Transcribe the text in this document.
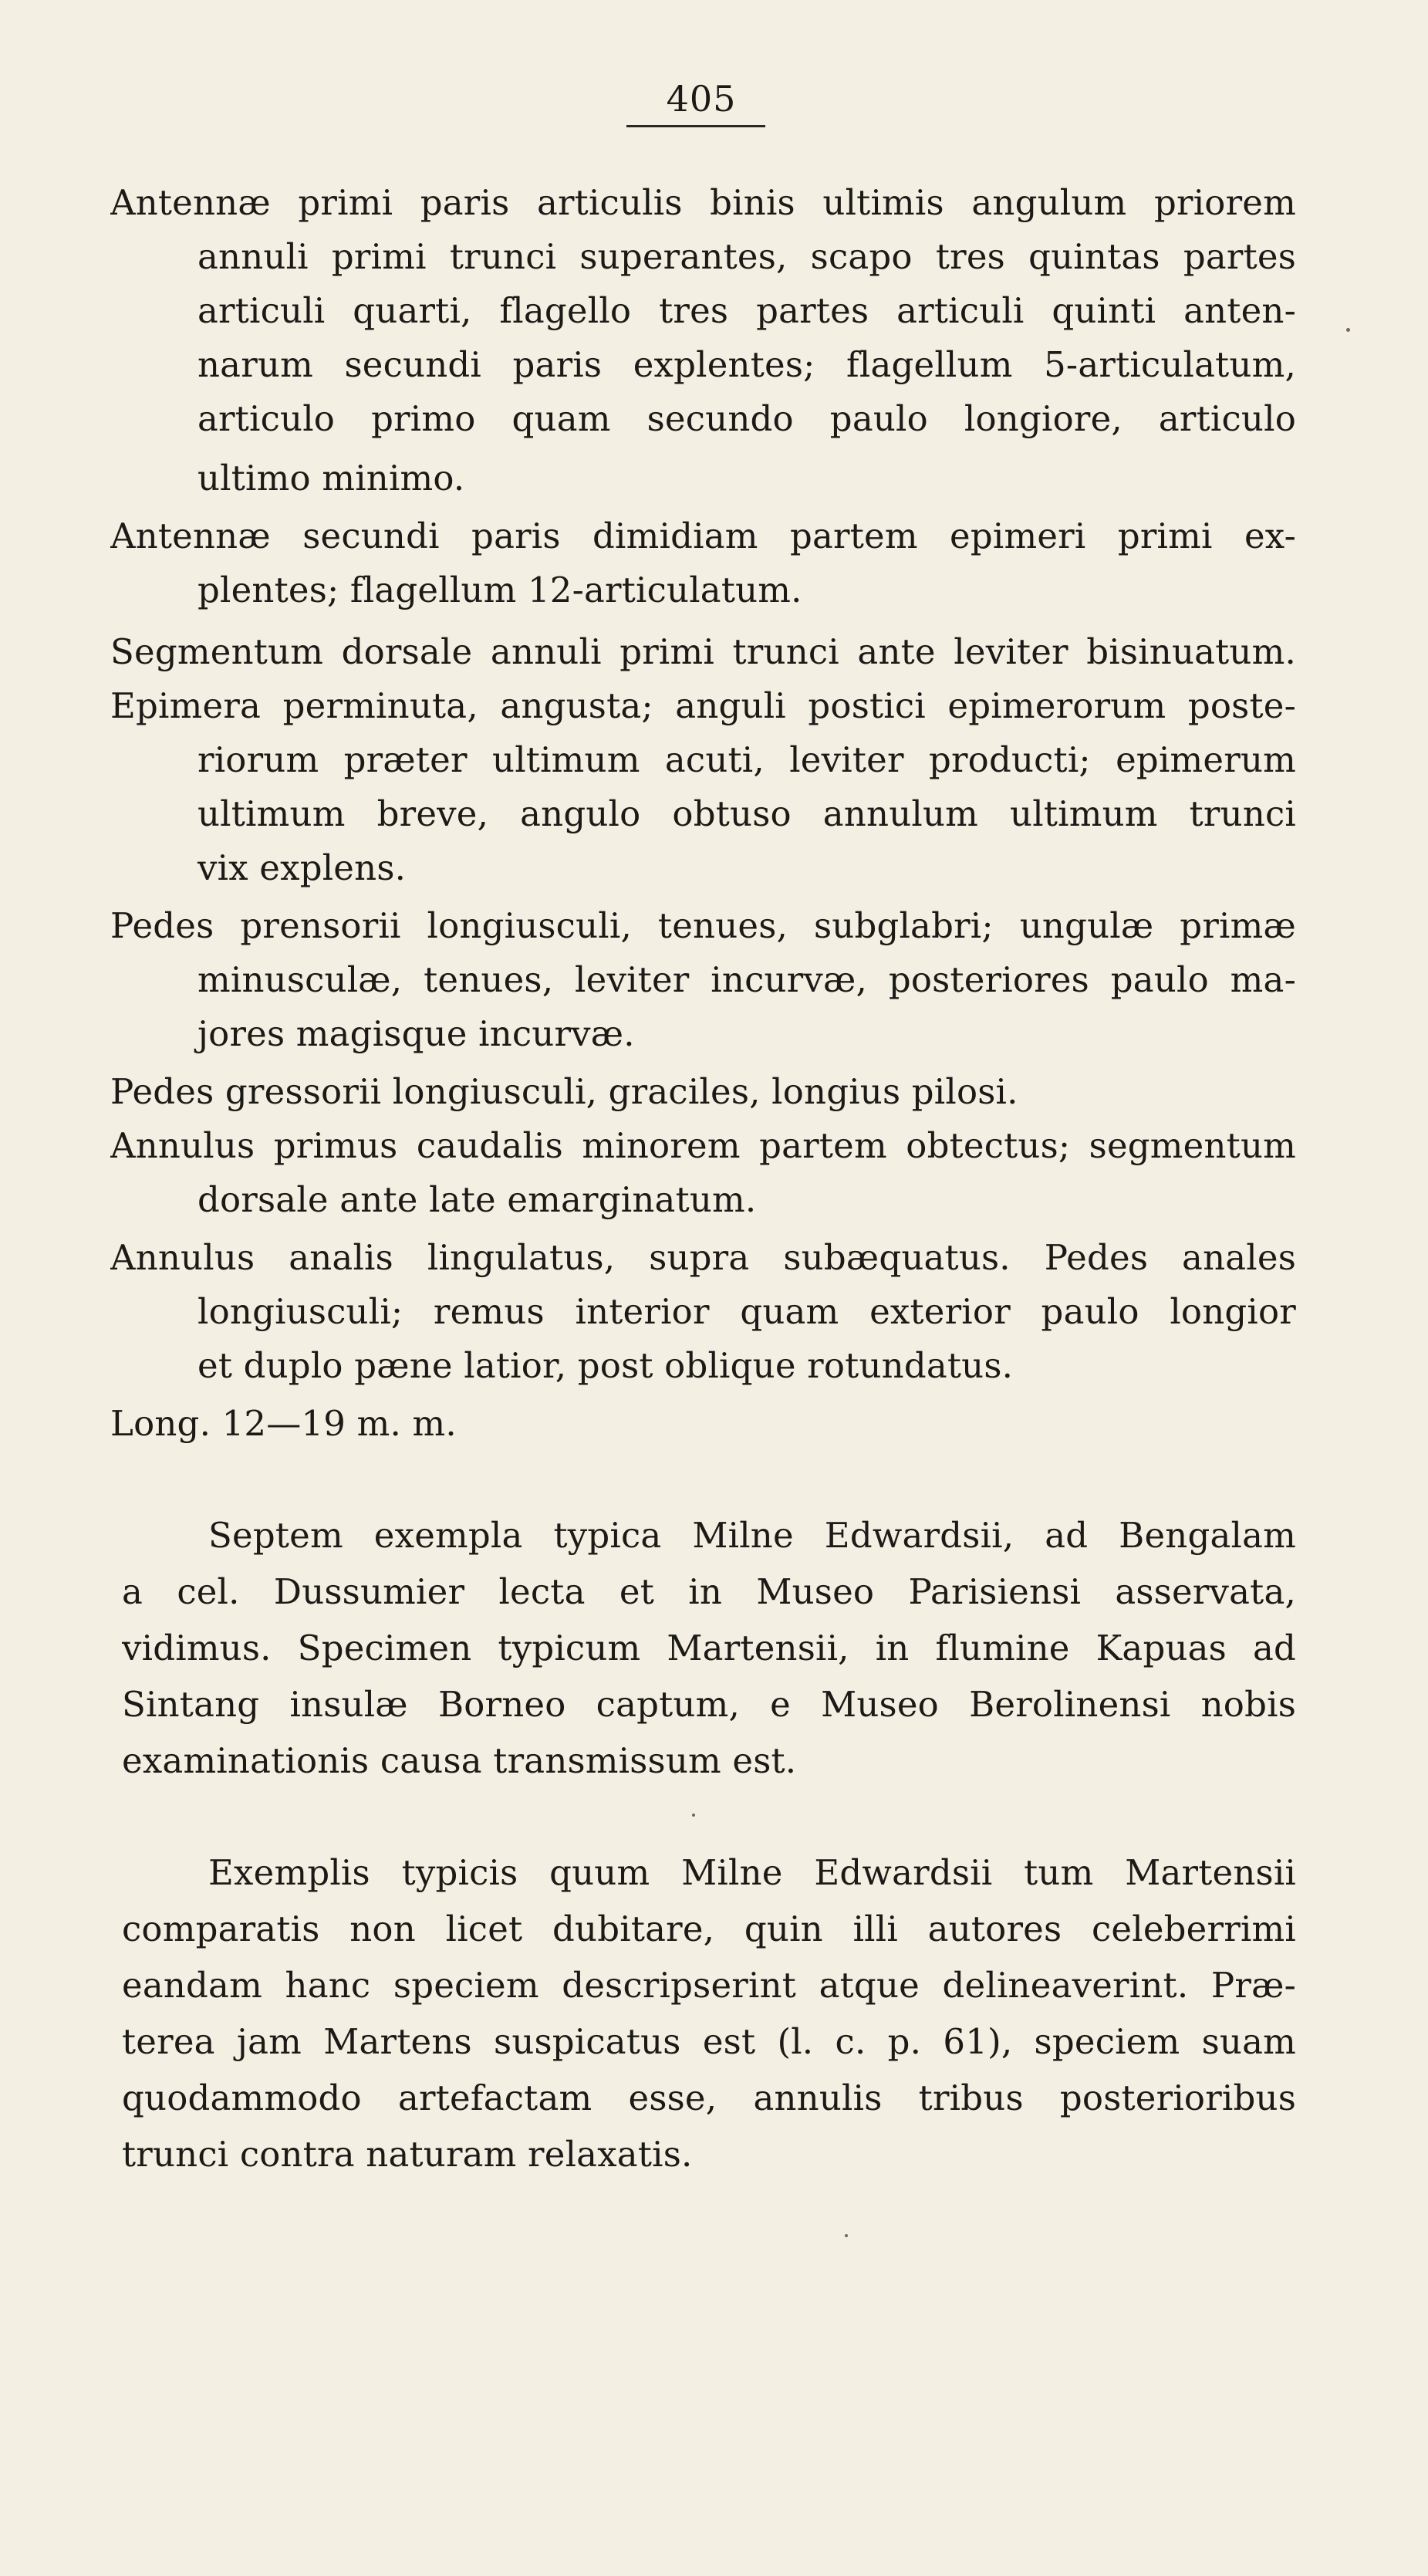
405
Antennæ primi paris articulis binis ultimis angulum priorem
annuli primi trunci superantes, scapo tres quintas partes
articuli quarti, flagello tres partes articuli quinti anten-
narum secundi paris explentes; flagellum 5-articulatum,
articulo primo quam secundo paulo longiore, articulo
ultimo minimo.
Antennæ secundi paris dimidiam partem epimeri primi ex-
plentes; flagellum 12-articulatum.
Segmentum dorsale annuli primi trunci ante leviter bisinuatum.
Epimera perminuta, angusta; anguli postici epimerorum poste-
riorum præter ultimum acuti, leviter producti; epimerum
ultimum breve, angulo obtuso annulum ultimum trunci
vix explens.
Pedes prensorii longiusculi, tenues, subglabri; ungulæ primæ
minusculæ, tenues, leviter incurvæ, posteriores paulo ma-
jores magisque incurvæ.
Pedes gressorii longiusculi, graciles, longius pilosi.
Annulus primus caudalis minorem partem obtectus; segmentum
dorsale ante late emarginatum.
Annulus analis lingulatus, supra subæquatus. Pedes anales
longiusculi; remus interior quam exterior paulo longior
et duplo pæne latior, post oblique rotundatus.
Long. 12—19 m. m.
Septem exempla typica Milne Edwardsii, ad Bengalam
a cel. Dussumier lecta et in Museo Parisiensi asservata,
vidimus. Specimen typicum Martensii, in flumine Kapuas ad
Sintang insulæ Borneo captum, e Museo Berolinensi nobis
examinationis causa transmissum est.
Exemplis typicis quum Milne Edwardsii tum Martensii
comparatis non licet dubitare, quin illi autores celeberrimi
eandam hanc speciem descripserint atque delineaverint. Præ-
terea jam Martens suspicatus est (l. c. p. 61), speciem suam
quodammodo artefactam esse, annulis tribus posterioribus
trunci contra naturam relaxatis.
